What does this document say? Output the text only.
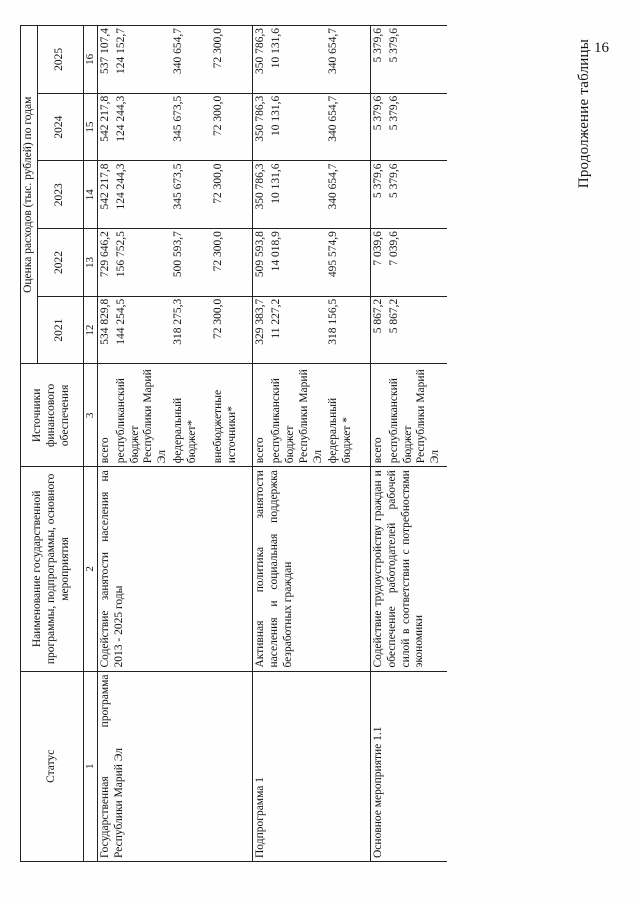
16
Продолжение таблицы
Статус	Наименование государственной программы, подпрограммы, основного мероприятия	Источники финансового обеспечения	Оценка расходов (тыс. рублей) по годам				
			2021	2022	2023	2024	2025
1	2	3	12	13	14	15	16
Государственная программа Республики Марий Эл	Содействие занятости населения на 2013 - 2025 годы	всего	534 829,8	729 646,2	542 217,8	542 217,8	537 107,4
		республиканский бюджет Республики Марий Эл	144 254,5	156 752,5	124 244,3	124 244,3	124 152,7
		федеральный бюджет*	318 275,3	500 593,7	345 673,5	345 673,5	340 654,7
		внебюджетные источники*	72 300,0	72 300,0	72 300,0	72 300,0	72 300,0
Подпрограмма 1	Активная политика занятости населения и социальная поддержка безработных граждан	всего	329 383,7	509 593,8	350 786,3	350 786,3	350 786,3
		республиканский бюджет Республики Марий Эл	11 227,2	14 018,9	10 131,6	10 131,6	10 131,6
		федеральный бюджет *	318 156,5	495 574,9	340 654,7	340 654,7	340 654,7
Основное мероприятие 1.1	Содействие трудоустройству граждан и обеспечение работодателей рабочей силой в соответствии с потребностями экономики	всего	5 867,2	7 039,6	5 379,6	5 379,6	5 379,6
		республиканский бюджет Республики Марий Эл	5 867,2	7 039,6	5 379,6	5 379,6	5 379,6
